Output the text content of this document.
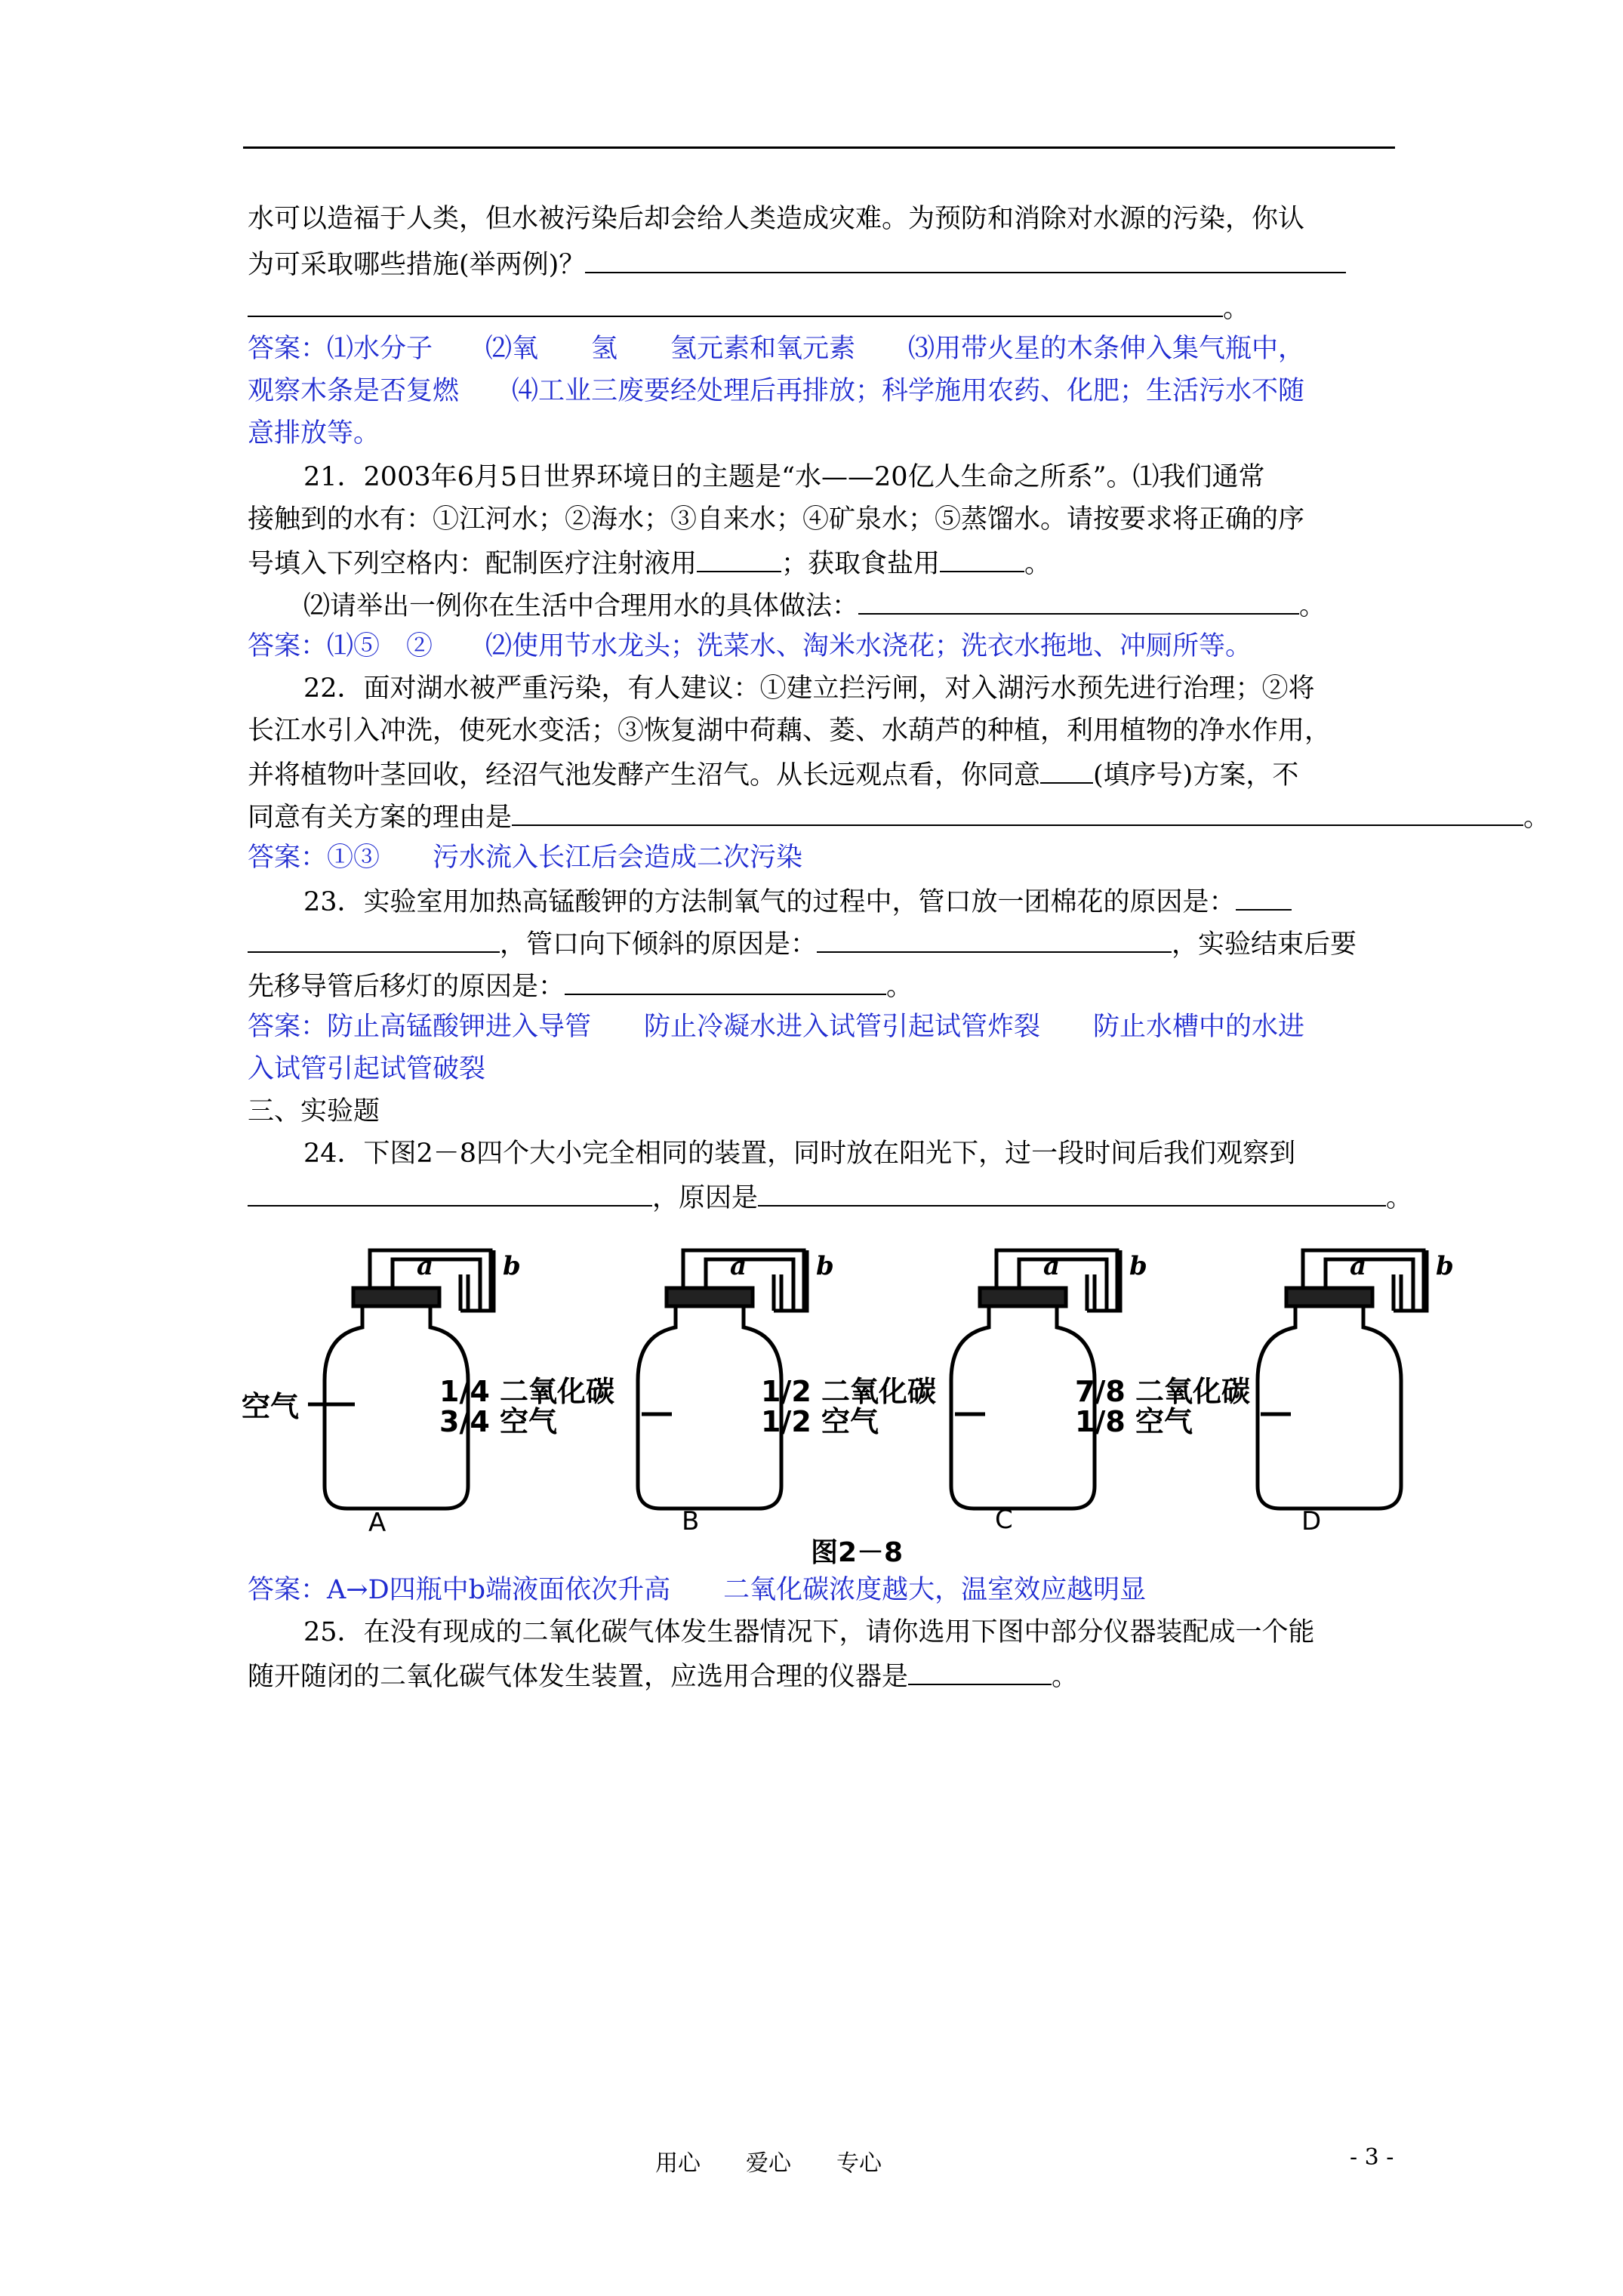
水可以造福于人类，但水被污染后却会给人类造成灾难。为预防和消除对水源的污染，你认
为可采取哪些措施(举两例)？
。
答案：⑴水分子　　⑵氧　　氢　　氢元素和氧元素　　⑶用带火星的木条伸入集气瓶中，
观察木条是否复燃　　⑷工业三废要经处理后再排放；科学施用农药、化肥；生活污水不随
意排放等。
21．2003年6月5日世界环境日的主题是“水——20亿人生命之所系”。⑴我们通常
接触到的水有：①江河水；②海水；③自来水；④矿泉水；⑤蒸馏水。请按要求将正确的序
号填入下列空格内：配制医疗注射液用	；获取食盐用	。
⑵请举出一例你在生活中合理用水的具体做法：	。
答案：⑴⑤　②　　⑵使用节水龙头；洗菜水、淘米水浇花；洗衣水拖地、冲厕所等。
22．面对湖水被严重污染，有人建议：①建立拦污闸，对入湖污水预先进行治理；②将
长江水引入冲洗，使死水变活；③恢复湖中荷藕、菱、水葫芦的种植，利用植物的净水作用，
并将植物叶茎回收，经沼气池发酵产生沼气。从长远观点看，你同意 (填序号)方案，不
同意有关方案的理由是	。
答案：①③　　污水流入长江后会造成二次污染
23．实验室用加热高锰酸钾的方法制氧气的过程中，管口放一团棉花的原因是：
，管口向下倾斜的原因是：	，实验结束后要
先移导管后移灯的原因是：	。
答案：防止高锰酸钾进入导管　　防止冷凝水进入试管引起试管炸裂　　防止水槽中的水进
入试管引起试管破裂
三、实验题
24．下图2－8四个大小完全相同的装置，同时放在阳光下，过一段时间后我们观察到
，原因是	。
空气	1/4 二氧化碳
3/4 空气
1/2 二氧化碳
1/2 空气
7/8 二氧化碳
1/8 空气
a	b	a	b	a	b	a	b
A	B	C	D
图2－8
答案：A→D四瓶中b端液面依次升高　　二氧化碳浓度越大，温室效应越明显
25．在没有现成的二氧化碳气体发生器情况下，请你选用下图中部分仪器装配成一个能
随开随闭的二氧化碳气体发生装置，应选用合理的仪器是	。
用心　　爱心　　专心	- 3 -
